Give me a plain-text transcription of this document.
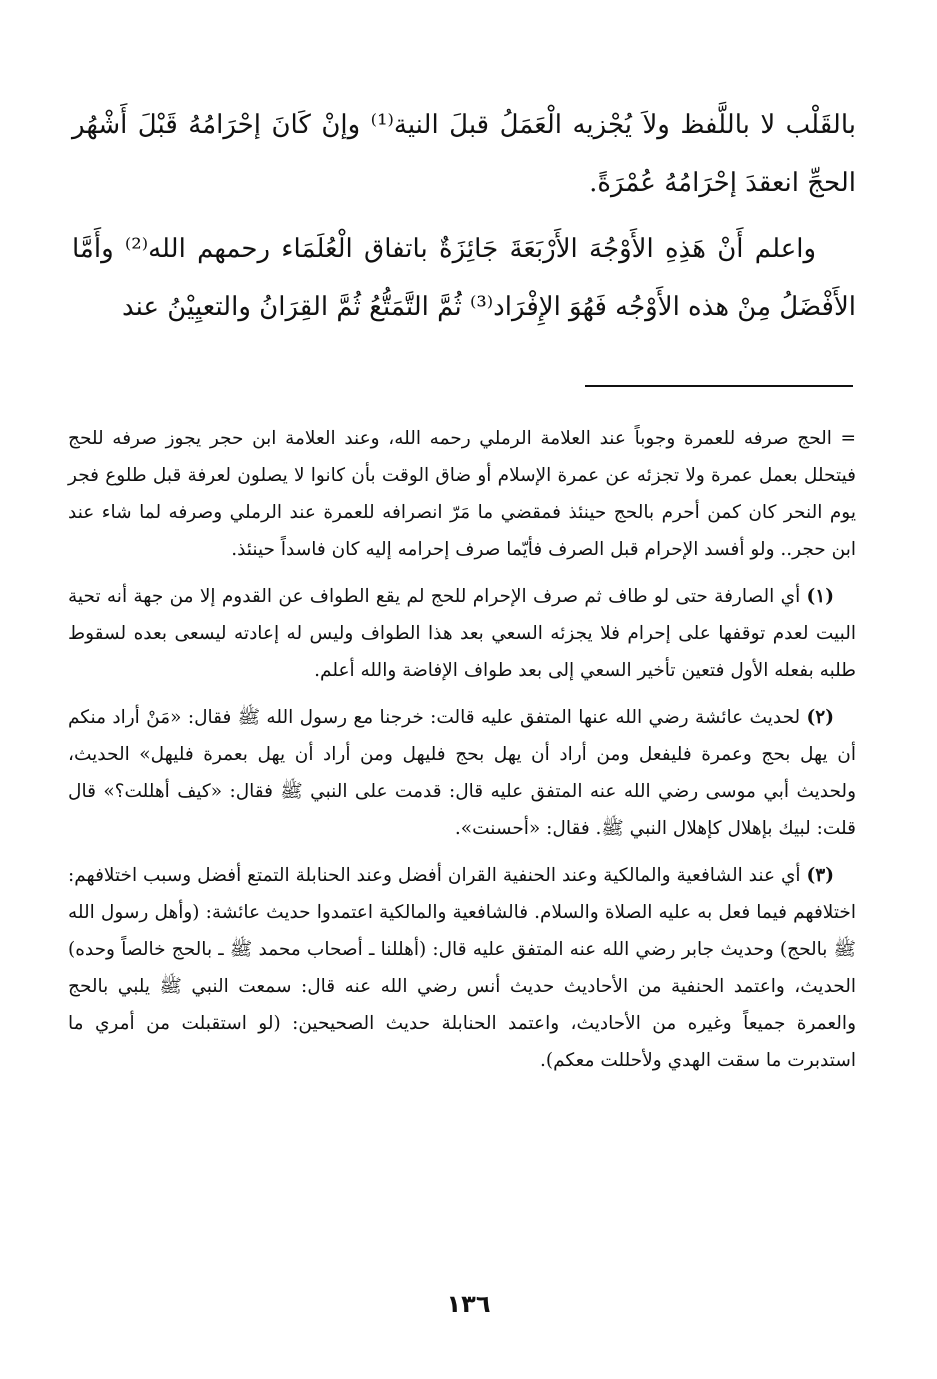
بالقَلْب لا باللَّفظ ولاَ يُجْزيه الْعَمَلُ قبلَ النية⁽¹⁾ وإنْ كَانَ إحْرَامُهُ قَبْلَ أَشْهُر الحجِّ انعقدَ إحْرَامُهُ عُمْرَةً.

واعلم أَنْ هَذِهِ الأَوْجُهَ الأَرْبَعَةَ جَائِزَةٌ باتفاق الْعُلَمَاء رحمهم الله⁽²⁾ وأَمَّا الأَفْضَلُ مِنْ هذه الأَوْجُه فَهُوَ الإِفْرَاد⁽³⁾ ثُمَّ التَّمَتُّعُ ثُمَّ القِرَانُ والتعيِيْنُ عند

= الحج صرفه للعمرة وجوباً عند العلامة الرملي رحمه الله، وعند العلامة ابن حجر يجوز صرفه للحج فيتحلل بعمل عمرة ولا تجزئه عن عمرة الإسلام أو ضاق الوقت بأن كانوا لا يصلون لعرفة قبل طلوع فجر يوم النحر كان كمن أحرم بالحج حينئذ فمقضي ما مَرّ انصرافه للعمرة عند الرملي وصرفه لما شاء عند ابن حجر.. ولو أفسد الإحرام قبل الصرف فأيّما صرف إحرامه إليه كان فاسداً حينئذ.

(١) أي الصارفة حتى لو طاف ثم صرف الإحرام للحج لم يقع الطواف عن القدوم إلا من جهة أنه تحية البيت لعدم توقفها على إحرام فلا يجزئه السعي بعد هذا الطواف وليس له إعادته ليسعى بعده لسقوط طلبه بفعله الأول فتعين تأخير السعي إلى بعد طواف الإفاضة والله أعلم.

(٢) لحديث عائشة رضي الله عنها المتفق عليه قالت: خرجنا مع رسول الله ﷺ فقال: «مَنْ أراد منكم أن يهل بحج وعمرة فليفعل ومن أراد أن يهل بحج فليهل ومن أراد أن يهل بعمرة فليهل» الحديث، ولحديث أبي موسى رضي الله عنه المتفق عليه قال: قدمت على النبي ﷺ فقال: «كيف أهللت؟» قال قلت: لبيك بإهلال كإهلال النبي ﷺ. فقال: «أحسنت».

(٣) أي عند الشافعية والمالكية وعند الحنفية القران أفضل وعند الحنابلة التمتع أفضل وسبب اختلافهم: اختلافهم فيما فعل به عليه الصلاة والسلام. فالشافعية والمالكية اعتمدوا حديث عائشة: (وأهل رسول الله ﷺ بالحج) وحديث جابر رضي الله عنه المتفق عليه قال: (أهللنا ـ أصحاب محمد ﷺ ـ بالحج خالصاً وحده) الحديث، واعتمد الحنفية من الأحاديث حديث أنس رضي الله عنه قال: سمعت النبي ﷺ يلبي بالحج والعمرة جميعاً وغيره من الأحاديث، واعتمد الحنابلة حديث الصحيحين: (لو استقبلت من أمري ما استدبرت ما سقت الهدي ولأحللت معكم).

١٣٦
